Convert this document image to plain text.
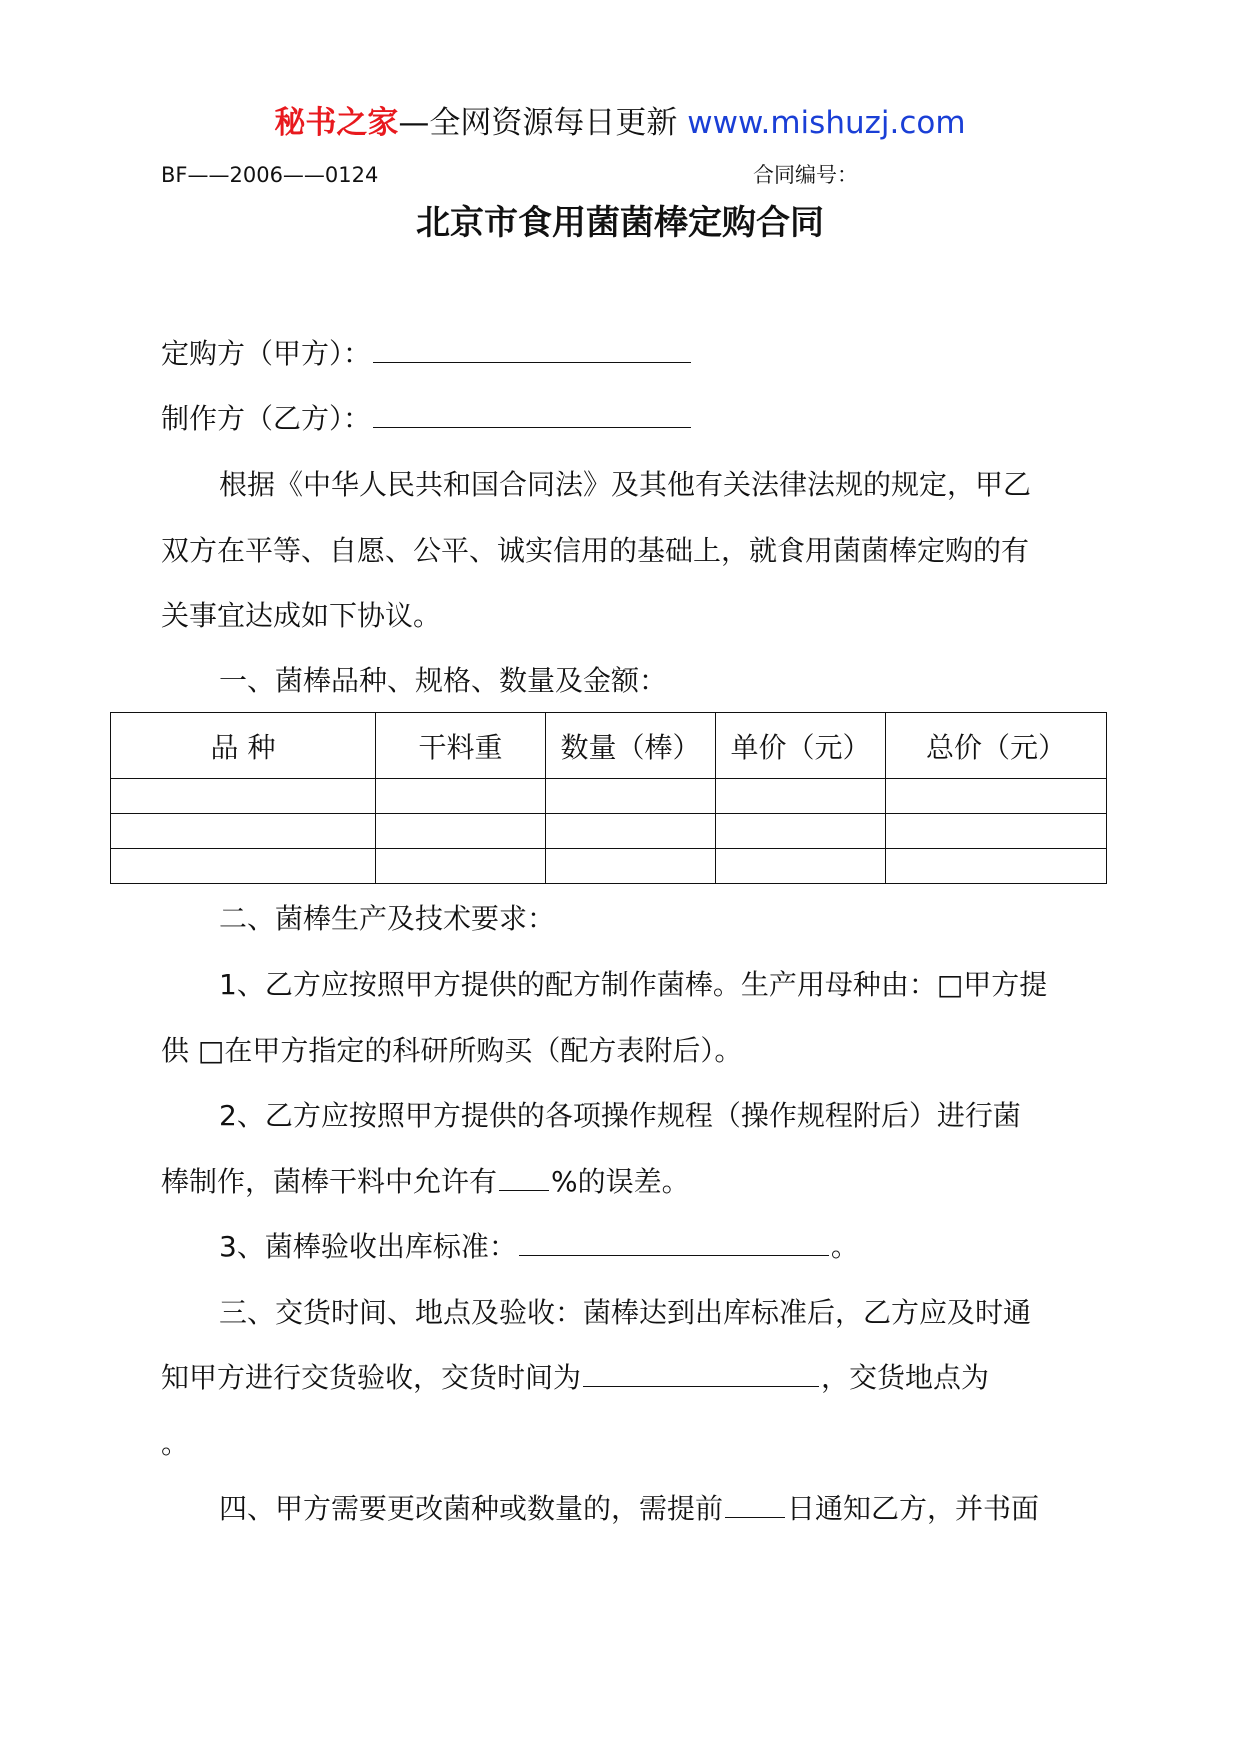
秘书之家—全网资源每日更新 www.mishuzj.com
BF——2006——0124	合同编号：
北京市食用菌菌棒定购合同
定购方（甲方）：
制作方（乙方）：
根据《中华人民共和国合同法》及其他有关法律法规的规定，甲乙
双方在平等、自愿、公平、诚实信用的基础上，就食用菌菌棒定购的有
关事宜达成如下协议。
一、菌棒品种、规格、数量及金额：
品 种	干料重	数量（棒）	单价（元）	总价（元）

二、菌棒生产及技术要求：
1、乙方应按照甲方提供的配方制作菌棒。生产用母种由：□甲方提
供 □在甲方指定的科研所购买（配方表附后）。
2、乙方应按照甲方提供的各项操作规程（操作规程附后）进行菌
棒制作，菌棒干料中允许有 %的误差。
3、菌棒验收出库标准：	。
三、交货时间、地点及验收：菌棒达到出库标准后，乙方应及时通
知甲方进行交货验收，交货时间为	，交货地点为
。
四、甲方需要更改菌种或数量的，需提前 日通知乙方，并书面
